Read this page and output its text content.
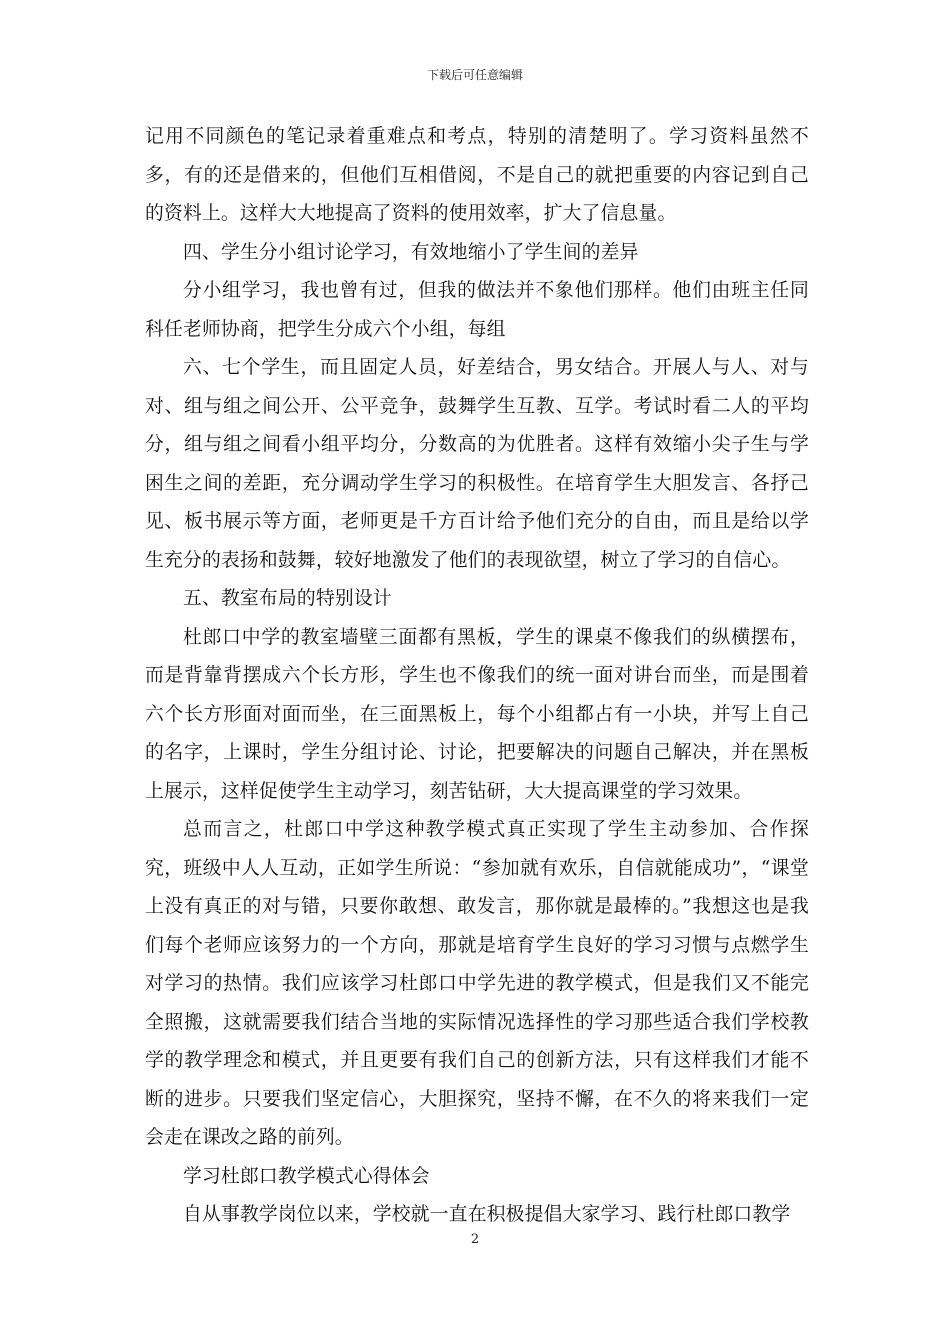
下载后可任意编辑

记用不同颜色的笔记录着重难点和考点，特别的清楚明了。学习资料虽然不多，有的还是借来的，但他们互相借阅，不是自己的就把重要的内容记到自己的资料上。这样大大地提高了资料的使用效率，扩大了信息量。

四、学生分小组讨论学习，有效地缩小了学生间的差异

分小组学习，我也曾有过，但我的做法并不象他们那样。他们由班主任同科任老师协商，把学生分成六个小组，每组

六、七个学生，而且固定人员，好差结合，男女结合。开展人与人、对与对、组与组之间公开、公平竞争，鼓舞学生互教、互学。考试时看二人的平均分，组与组之间看小组平均分，分数高的为优胜者。这样有效缩小尖子生与学困生之间的差距，充分调动学生学习的积极性。在培育学生大胆发言、各抒己见、板书展示等方面，老师更是千方百计给予他们充分的自由，而且是给以学生充分的表扬和鼓舞，较好地激发了他们的表现欲望，树立了学习的自信心。

五、教室布局的特别设计

杜郎口中学的教室墙壁三面都有黑板，学生的课桌不像我们的纵横摆布，而是背靠背摆成六个长方形，学生也不像我们的统一面对讲台而坐，而是围着六个长方形面对面而坐，在三面黑板上，每个小组都占有一小块，并写上自己的名字，上课时，学生分组讨论、讨论，把要解决的问题自己解决，并在黑板上展示，这样促使学生主动学习，刻苦钻研，大大提高课堂的学习效果。

总而言之，杜郎口中学这种教学模式真正实现了学生主动参加、合作探究，班级中人人互动，正如学生所说：“参加就有欢乐，自信就能成功”，“课堂上没有真正的对与错，只要你敢想、敢发言，那你就是最棒的。”我想这也是我们每个老师应该努力的一个方向，那就是培育学生良好的学习习惯与点燃学生对学习的热情。我们应该学习杜郎口中学先进的教学模式，但是我们又不能完全照搬，这就需要我们结合当地的实际情况选择性的学习那些适合我们学校教学的教学理念和模式，并且更要有我们自己的创新方法，只有这样我们才能不断的进步。只要我们坚定信心，大胆探究，坚持不懈，在不久的将来我们一定会走在课改之路的前列。

学习杜郎口教学模式心得体会

自从事教学岗位以来，学校就一直在积极提倡大家学习、践行杜郎口教学

2
